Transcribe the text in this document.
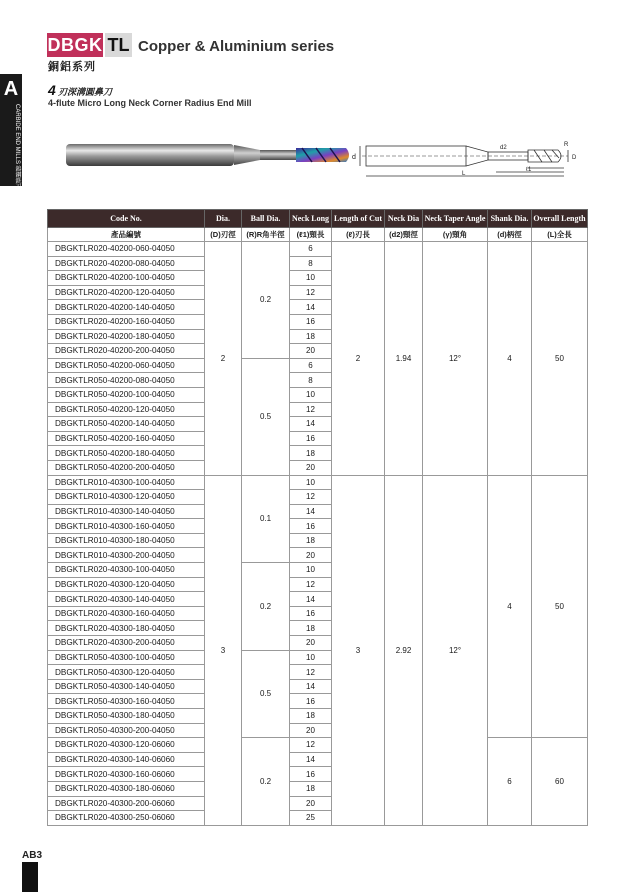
DBGK TL Copper & Aluminium series
銅鋁系列
A
CARBIDE END MILLS 鎢鋼銑刀
4 刃深溝圓鼻刀
4-flute Micro Long Neck Corner Radius End Mill
d
d2
L
ℓ1
R
D
Code No.	Dia.	Ball Dia.	Neck Long	Length of Cut	Neck Dia	Neck Taper Angle	Shank Dia.	Overall Length
產品編號	(D)刃徑	(R)R角半徑	(ℓ1)頸長	(ℓ)刃長	(d2)頸徑	(γ)頸角	(d)柄徑	(L)全長
DBGKTLR020-40200-060-04050	2	0.2	6	2	1.94	12°	4	50
DBGKTLR020-40200-080-04050			8					
DBGKTLR020-40200-100-04050			10					
DBGKTLR020-40200-120-04050			12					
DBGKTLR020-40200-140-04050			14					
DBGKTLR020-40200-160-04050			16					
DBGKTLR020-40200-180-04050			18					
DBGKTLR020-40200-200-04050			20					
DBGKTLR050-40200-060-04050		0.5	6					
DBGKTLR050-40200-080-04050			8					
DBGKTLR050-40200-100-04050			10					
DBGKTLR050-40200-120-04050			12					
DBGKTLR050-40200-140-04050			14					
DBGKTLR050-40200-160-04050			16					
DBGKTLR050-40200-180-04050			18					
DBGKTLR050-40200-200-04050			20					
DBGKTLR010-40300-100-04050	3	0.1	10	3	2.92	12°	4	50
DBGKTLR010-40300-120-04050			12					
DBGKTLR010-40300-140-04050			14					
DBGKTLR010-40300-160-04050			16					
DBGKTLR010-40300-180-04050			18					
DBGKTLR010-40300-200-04050			20					
DBGKTLR020-40300-100-04050		0.2	10					
DBGKTLR020-40300-120-04050			12					
DBGKTLR020-40300-140-04050			14					
DBGKTLR020-40300-160-04050			16					
DBGKTLR020-40300-180-04050			18					
DBGKTLR020-40300-200-04050			20					
DBGKTLR050-40300-100-04050		0.5	10					
DBGKTLR050-40300-120-04050			12					
DBGKTLR050-40300-140-04050			14					
DBGKTLR050-40300-160-04050			16					
DBGKTLR050-40300-180-04050			18					
DBGKTLR050-40300-200-04050			20					
DBGKTLR020-40300-120-06060		0.2	12				6	60
DBGKTLR020-40300-140-06060			14					
DBGKTLR020-40300-160-06060			16					
DBGKTLR020-40300-180-06060			18					
DBGKTLR020-40300-200-06060			20					
DBGKTLR020-40300-250-06060			25					
AB3
